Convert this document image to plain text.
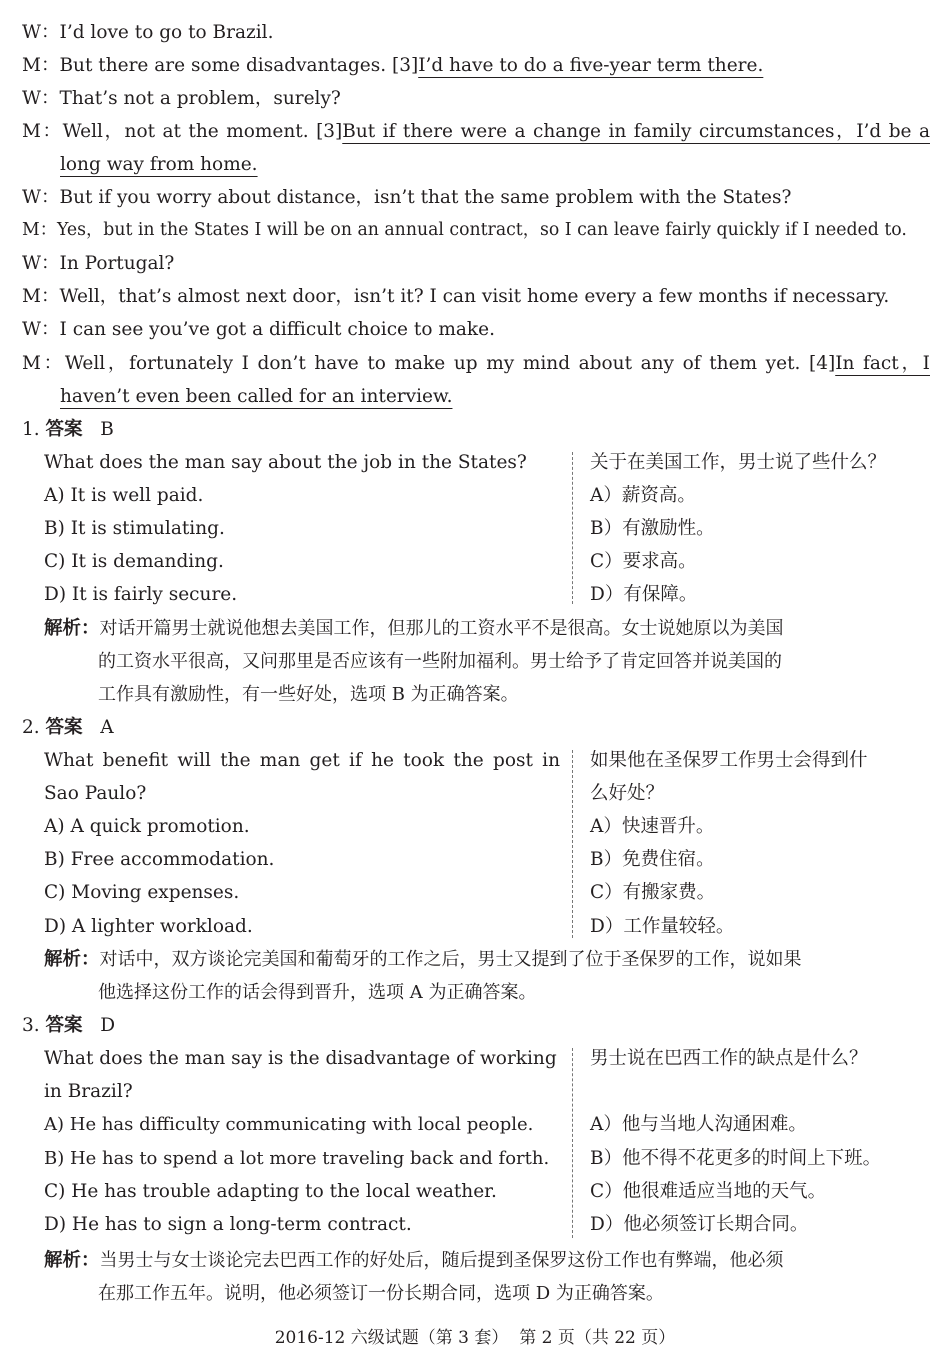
W：I’d love to go to Brazil.
M：But there are some disadvantages. [3]I’d have to do a five-year term there.
W：That’s not a problem，surely?
M：Well，not at the moment. [3]But if there were a change in family circumstances，I’d be a
long way from home.
W：But if you worry about distance，isn’t that the same problem with the States?
M：Yes，but in the States I will be on an annual contract，so I can leave fairly quickly if I needed to.
W：In Portugal?
M：Well，that’s almost next door，isn’t it? I can visit home every a few months if necessary.
W：I can see you’ve got a difficult choice to make.
M：Well，fortunately I don’t have to make up my mind about any of them yet. [4]In fact，I
haven’t even been called for an interview.
1. 答案 B
What does the man say about the job in the States?
A) It is well paid.
B) It is stimulating.
C) It is demanding.
D) It is fairly secure.
关于在美国工作，男士说了些什么？
A）薪资高。
B）有激励性。
C）要求高。
D）有保障。
解析：对话开篇男士就说他想去美国工作，但那儿的工资水平不是很高。女士说她原以为美国
的工资水平很高，又问那里是否应该有一些附加福利。男士给予了肯定回答并说美国的
工作具有激励性，有一些好处，选项 B 为正确答案。
2. 答案 A
What benefit will the man get if he took the post in
Sao Paulo?
A) A quick promotion.
B) Free accommodation.
C) Moving expenses.
D) A lighter workload.
如果他在圣保罗工作男士会得到什
么好处？
A）快速晋升。
B）免费住宿。
C）有搬家费。
D）工作量较轻。
解析：对话中，双方谈论完美国和葡萄牙的工作之后，男士又提到了位于圣保罗的工作，说如果
他选择这份工作的话会得到晋升，选项 A 为正确答案。
3. 答案 D
What does the man say is the disadvantage of working
in Brazil?
A) He has difficulty communicating with local people.
B) He has to spend a lot more traveling back and forth.
C) He has trouble adapting to the local weather.
D) He has to sign a long-term contract.
男士说在巴西工作的缺点是什么？
A）他与当地人沟通困难。
B）他不得不花更多的时间上下班。
C）他很难适应当地的天气。
D）他必须签订长期合同。
解析：当男士与女士谈论完去巴西工作的好处后，随后提到圣保罗这份工作也有弊端，他必须
在那工作五年。说明，他必须签订一份长期合同，选项 D 为正确答案。
2016-12 六级试题（第 3 套）  第 2 页（共 22 页）
